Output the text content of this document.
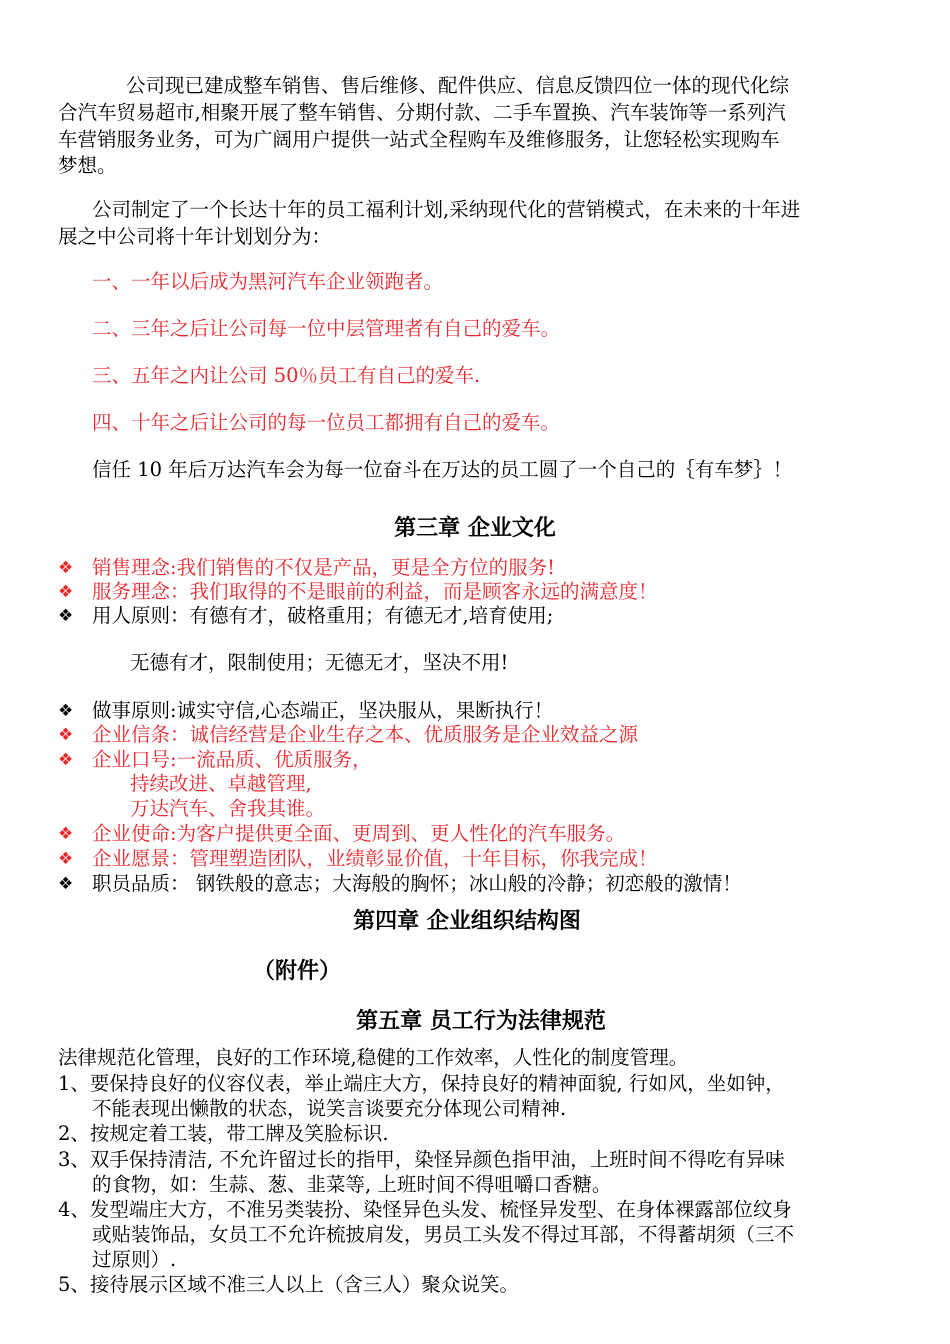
公司现已建成整车销售、售后维修、配件供应、信息反馈四位一体的现代化综
合汽车贸易超市,相聚开展了整车销售、分期付款、二手车置换、汽车装饰等一系列汽
车营销服务业务，可为广阔用户提供一站式全程购车及维修服务，让您轻松实现购车
梦想。
公司制定了一个长达十年的员工福利计划,采纳现代化的营销模式，在未来的十年进
展之中公司将十年计划划分为：
一、一年以后成为黑河汽车企业领跑者。
二、三年之后让公司每一位中层管理者有自己的爱车。
三、五年之内让公司 50％员工有自己的爱车.
四、十年之后让公司的每一位员工都拥有自己的爱车。
信任 10 年后万达汽车会为每一位奋斗在万达的员工圆了一个自己的｛有车梦｝！
第三章 企业文化
❖ 销售理念:我们销售的不仅是产品，更是全方位的服务!
❖ 服务理念：我们取得的不是眼前的利益，而是顾客永远的满意度！
❖ 用人原则：有德有才，破格重用；有德无才,培育使用;
无德有才，限制使用；无德无才，坚决不用!
❖ 做事原则:诚实守信,心态端正，坚决服从，果断执行！
❖ 企业信条：诚信经营是企业生存之本、优质服务是企业效益之源
❖ 企业口号:一流品质、优质服务，
持续改进、卓越管理,
万达汽车、舍我其谁。
❖ 企业使命:为客户提供更全面、更周到、更人性化的汽车服务。
❖ 企业愿景：管理塑造团队，业绩彰显价值，十年目标，你我完成！
❖ 职员品质： 钢铁般的意志；大海般的胸怀；冰山般的冷静；初恋般的激情！
第四章 企业组织结构图
（附件）
第五章 员工行为法律规范
法律规范化管理，良好的工作环境,稳健的工作效率，人性化的制度管理。
1、要保持良好的仪容仪表，举止端庄大方，保持良好的精神面貌, 行如风，坐如钟，
不能表现出懒散的状态，说笑言谈要充分体现公司精神.
2、按规定着工装，带工牌及笑脸标识.
3、双手保持清洁, 不允许留过长的指甲，染怪异颜色指甲油，上班时间不得吃有异味
的食物，如：生蒜、葱、韭菜等, 上班时间不得咀嚼口香糖。
4、发型端庄大方，不准另类装扮、染怪异色头发、梳怪异发型、在身体裸露部位纹身
或贴装饰品，女员工不允许梳披肩发，男员工头发不得过耳部，不得蓄胡须（三不
过原则）.
5、接待展示区域不准三人以上（含三人）聚众说笑。
